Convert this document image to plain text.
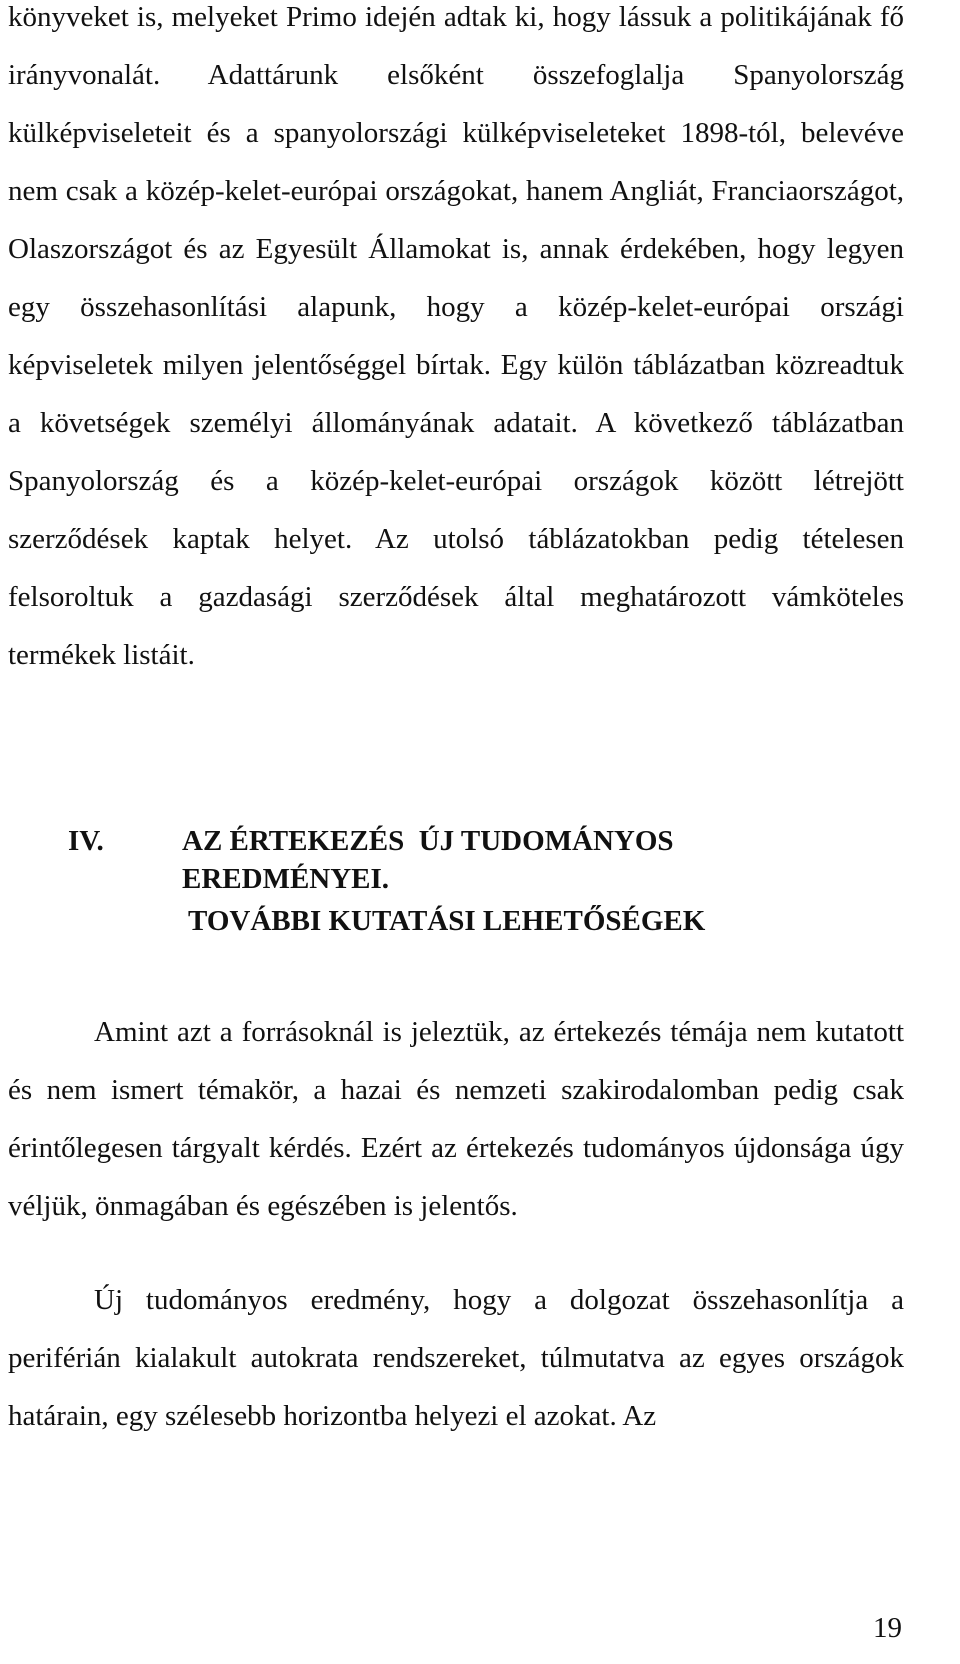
könyveket is, melyeket Primo idején adtak ki, hogy lássuk a politikájának fő irányvonalát. Adattárunk elsőként összefoglalja Spanyolország külképviseleteit és a spanyolországi külképviseleteket 1898-tól, belevéve nem csak a közép-kelet-európai országokat, hanem Angliát, Franciaországot, Olaszországot és az Egyesült Államokat is, annak érdekében, hogy legyen egy összehasonlítási alapunk, hogy a közép-kelet-európai országi képviseletek milyen jelentőséggel bírtak. Egy külön táblázatban közreadtuk a követségek személyi állományának adatait. A következő táblázatban Spanyolország és a közép-kelet-európai országok között létrejött szerződések kaptak helyet. Az utolsó táblázatokban pedig tételesen felsoroltuk a gazdasági szerződések által meghatározott vámköteles termékek listáit.

IV.	AZ ÉRTEKEZÉS  ÚJ TUDOMÁNYOS
EREDMÉNYEI.
TOVÁBBI KUTATÁSI LEHETŐSÉGEK

Amint azt a forrásoknál is jeleztük, az értekezés témája nem kutatott és nem ismert témakör, a hazai és nemzeti szakirodalomban pedig csak érintőlegesen tárgyalt kérdés. Ezért az értekezés tudományos újdonsága úgy véljük, önmagában és egészében is jelentős.

Új tudományos eredmény, hogy a dolgozat összehasonlítja a periférián kialakult autokrata rendszereket, túlmutatva az egyes országok határain, egy szélesebb horizontba helyezi el azokat. Az

19
